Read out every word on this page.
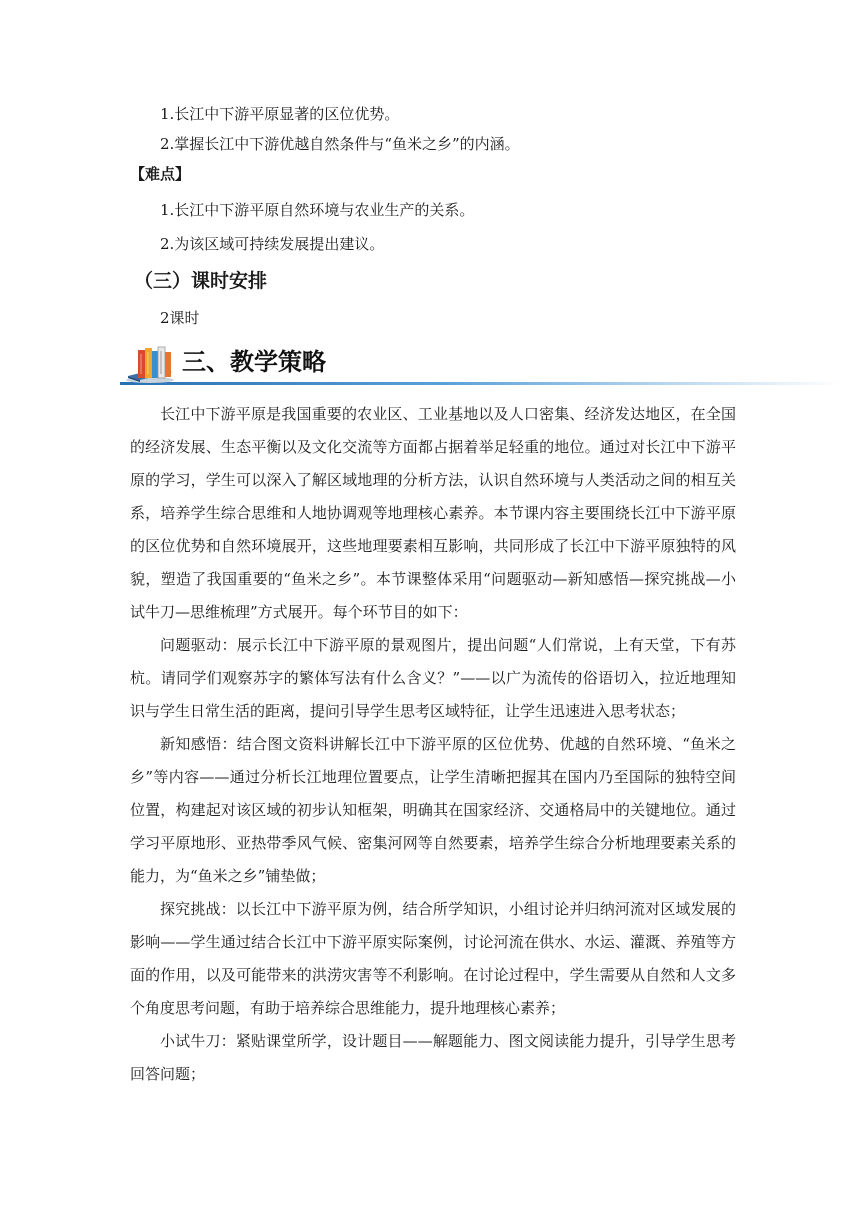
1.长江中下游平原显著的区位优势。
2.掌握长江中下游优越自然条件与“鱼米之乡”的内涵。
【难点】
1.长江中下游平原自然环境与农业生产的关系。
2.为该区域可持续发展提出建议。
（三）课时安排
2课时
三、教学策略

长江中下游平原是我国重要的农业区、工业基地以及人口密集、经济发达地区，在全国的经济发展、生态平衡以及文化交流等方面都占据着举足轻重的地位。通过对长江中下游平原的学习，学生可以深入了解区域地理的分析方法，认识自然环境与人类活动之间的相互关系，培养学生综合思维和人地协调观等地理核心素养。本节课内容主要围绕长江中下游平原的区位优势和自然环境展开，这些地理要素相互影响，共同形成了长江中下游平原独特的风貌，塑造了我国重要的“鱼米之乡”。本节课整体采用“问题驱动—新知感悟—探究挑战—小试牛刀—思维梳理”方式展开。每个环节目的如下：

问题驱动：展示长江中下游平原的景观图片，提出问题“人们常说，上有天堂，下有苏杭。请同学们观察苏字的繁体写法有什么含义？”——以广为流传的俗语切入，拉近地理知识与学生日常生活的距离，提问引导学生思考区域特征，让学生迅速进入思考状态；

新知感悟：结合图文资料讲解长江中下游平原的区位优势、优越的自然环境、“鱼米之乡”等内容——通过分析长江地理位置要点，让学生清晰把握其在国内乃至国际的独特空间位置，构建起对该区域的初步认知框架，明确其在国家经济、交通格局中的关键地位。通过学习平原地形、亚热带季风气候、密集河网等自然要素，培养学生综合分析地理要素关系的能力，为“鱼米之乡”铺垫做；

探究挑战：以长江中下游平原为例，结合所学知识，小组讨论并归纳河流对区域发展的影响——学生通过结合长江中下游平原实际案例，讨论河流在供水、水运、灌溉、养殖等方面的作用，以及可能带来的洪涝灾害等不利影响。在讨论过程中，学生需要从自然和人文多个角度思考问题，有助于培养综合思维能力，提升地理核心素养；

小试牛刀：紧贴课堂所学，设计题目——解题能力、图文阅读能力提升，引导学生思考回答问题；
